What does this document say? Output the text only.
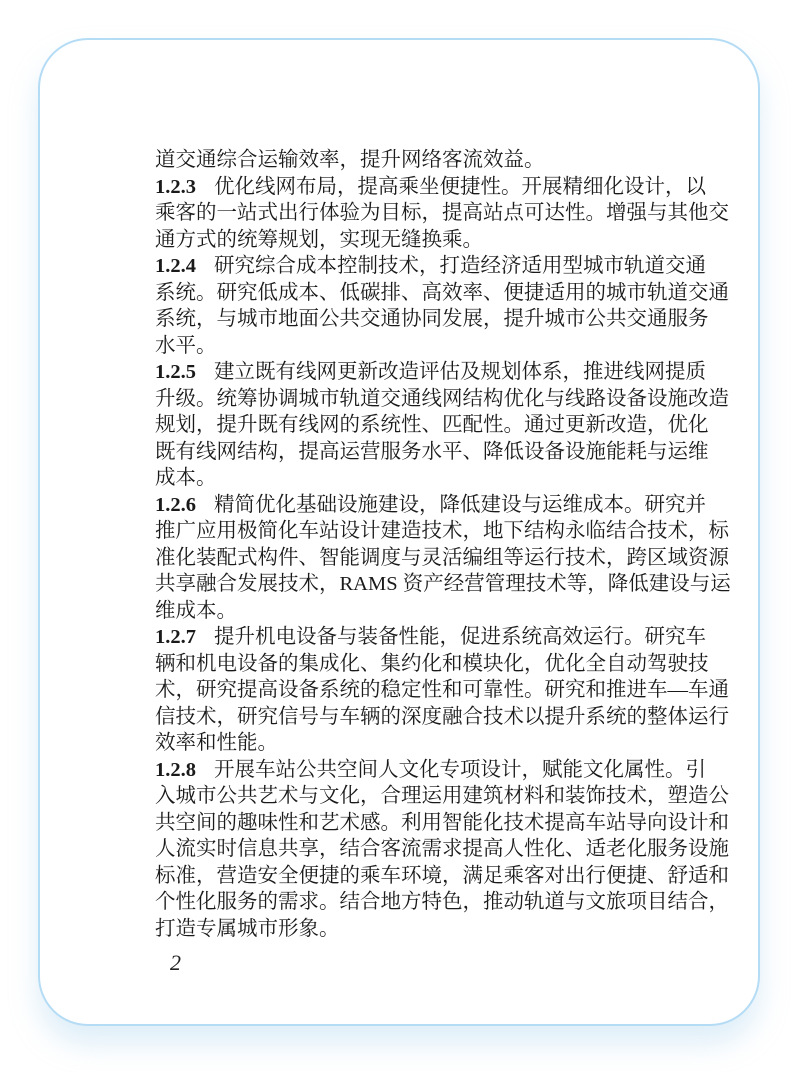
道交通综合运输效率，提升网络客流效益。
1.2.3 优化线网布局，提高乘坐便捷性。开展精细化设计，以
乘客的一站式出行体验为目标，提高站点可达性。增强与其他交
通方式的统筹规划，实现无缝换乘。
1.2.4 研究综合成本控制技术，打造经济适用型城市轨道交通
系统。研究低成本、低碳排、高效率、便捷适用的城市轨道交通
系统，与城市地面公共交通协同发展，提升城市公共交通服务
水平。
1.2.5 建立既有线网更新改造评估及规划体系，推进线网提质
升级。统筹协调城市轨道交通线网结构优化与线路设备设施改造
规划，提升既有线网的系统性、匹配性。通过更新改造，优化
既有线网结构，提高运营服务水平、降低设备设施能耗与运维
成本。
1.2.6 精简优化基础设施建设，降低建设与运维成本。研究并
推广应用极简化车站设计建造技术，地下结构永临结合技术，标
准化装配式构件、智能调度与灵活编组等运行技术，跨区域资源
共享融合发展技术，RAMS 资产经营管理技术等，降低建设与运
维成本。
1.2.7 提升机电设备与装备性能，促进系统高效运行。研究车
辆和机电设备的集成化、集约化和模块化，优化全自动驾驶技
术，研究提高设备系统的稳定性和可靠性。研究和推进车—车通
信技术，研究信号与车辆的深度融合技术以提升系统的整体运行
效率和性能。
1.2.8 开展车站公共空间人文化专项设计，赋能文化属性。引
入城市公共艺术与文化，合理运用建筑材料和装饰技术，塑造公
共空间的趣味性和艺术感。利用智能化技术提高车站导向设计和
人流实时信息共享，结合客流需求提高人性化、适老化服务设施
标准，营造安全便捷的乘车环境，满足乘客对出行便捷、舒适和
个性化服务的需求。结合地方特色，推动轨道与文旅项目结合，
打造专属城市形象。
2
